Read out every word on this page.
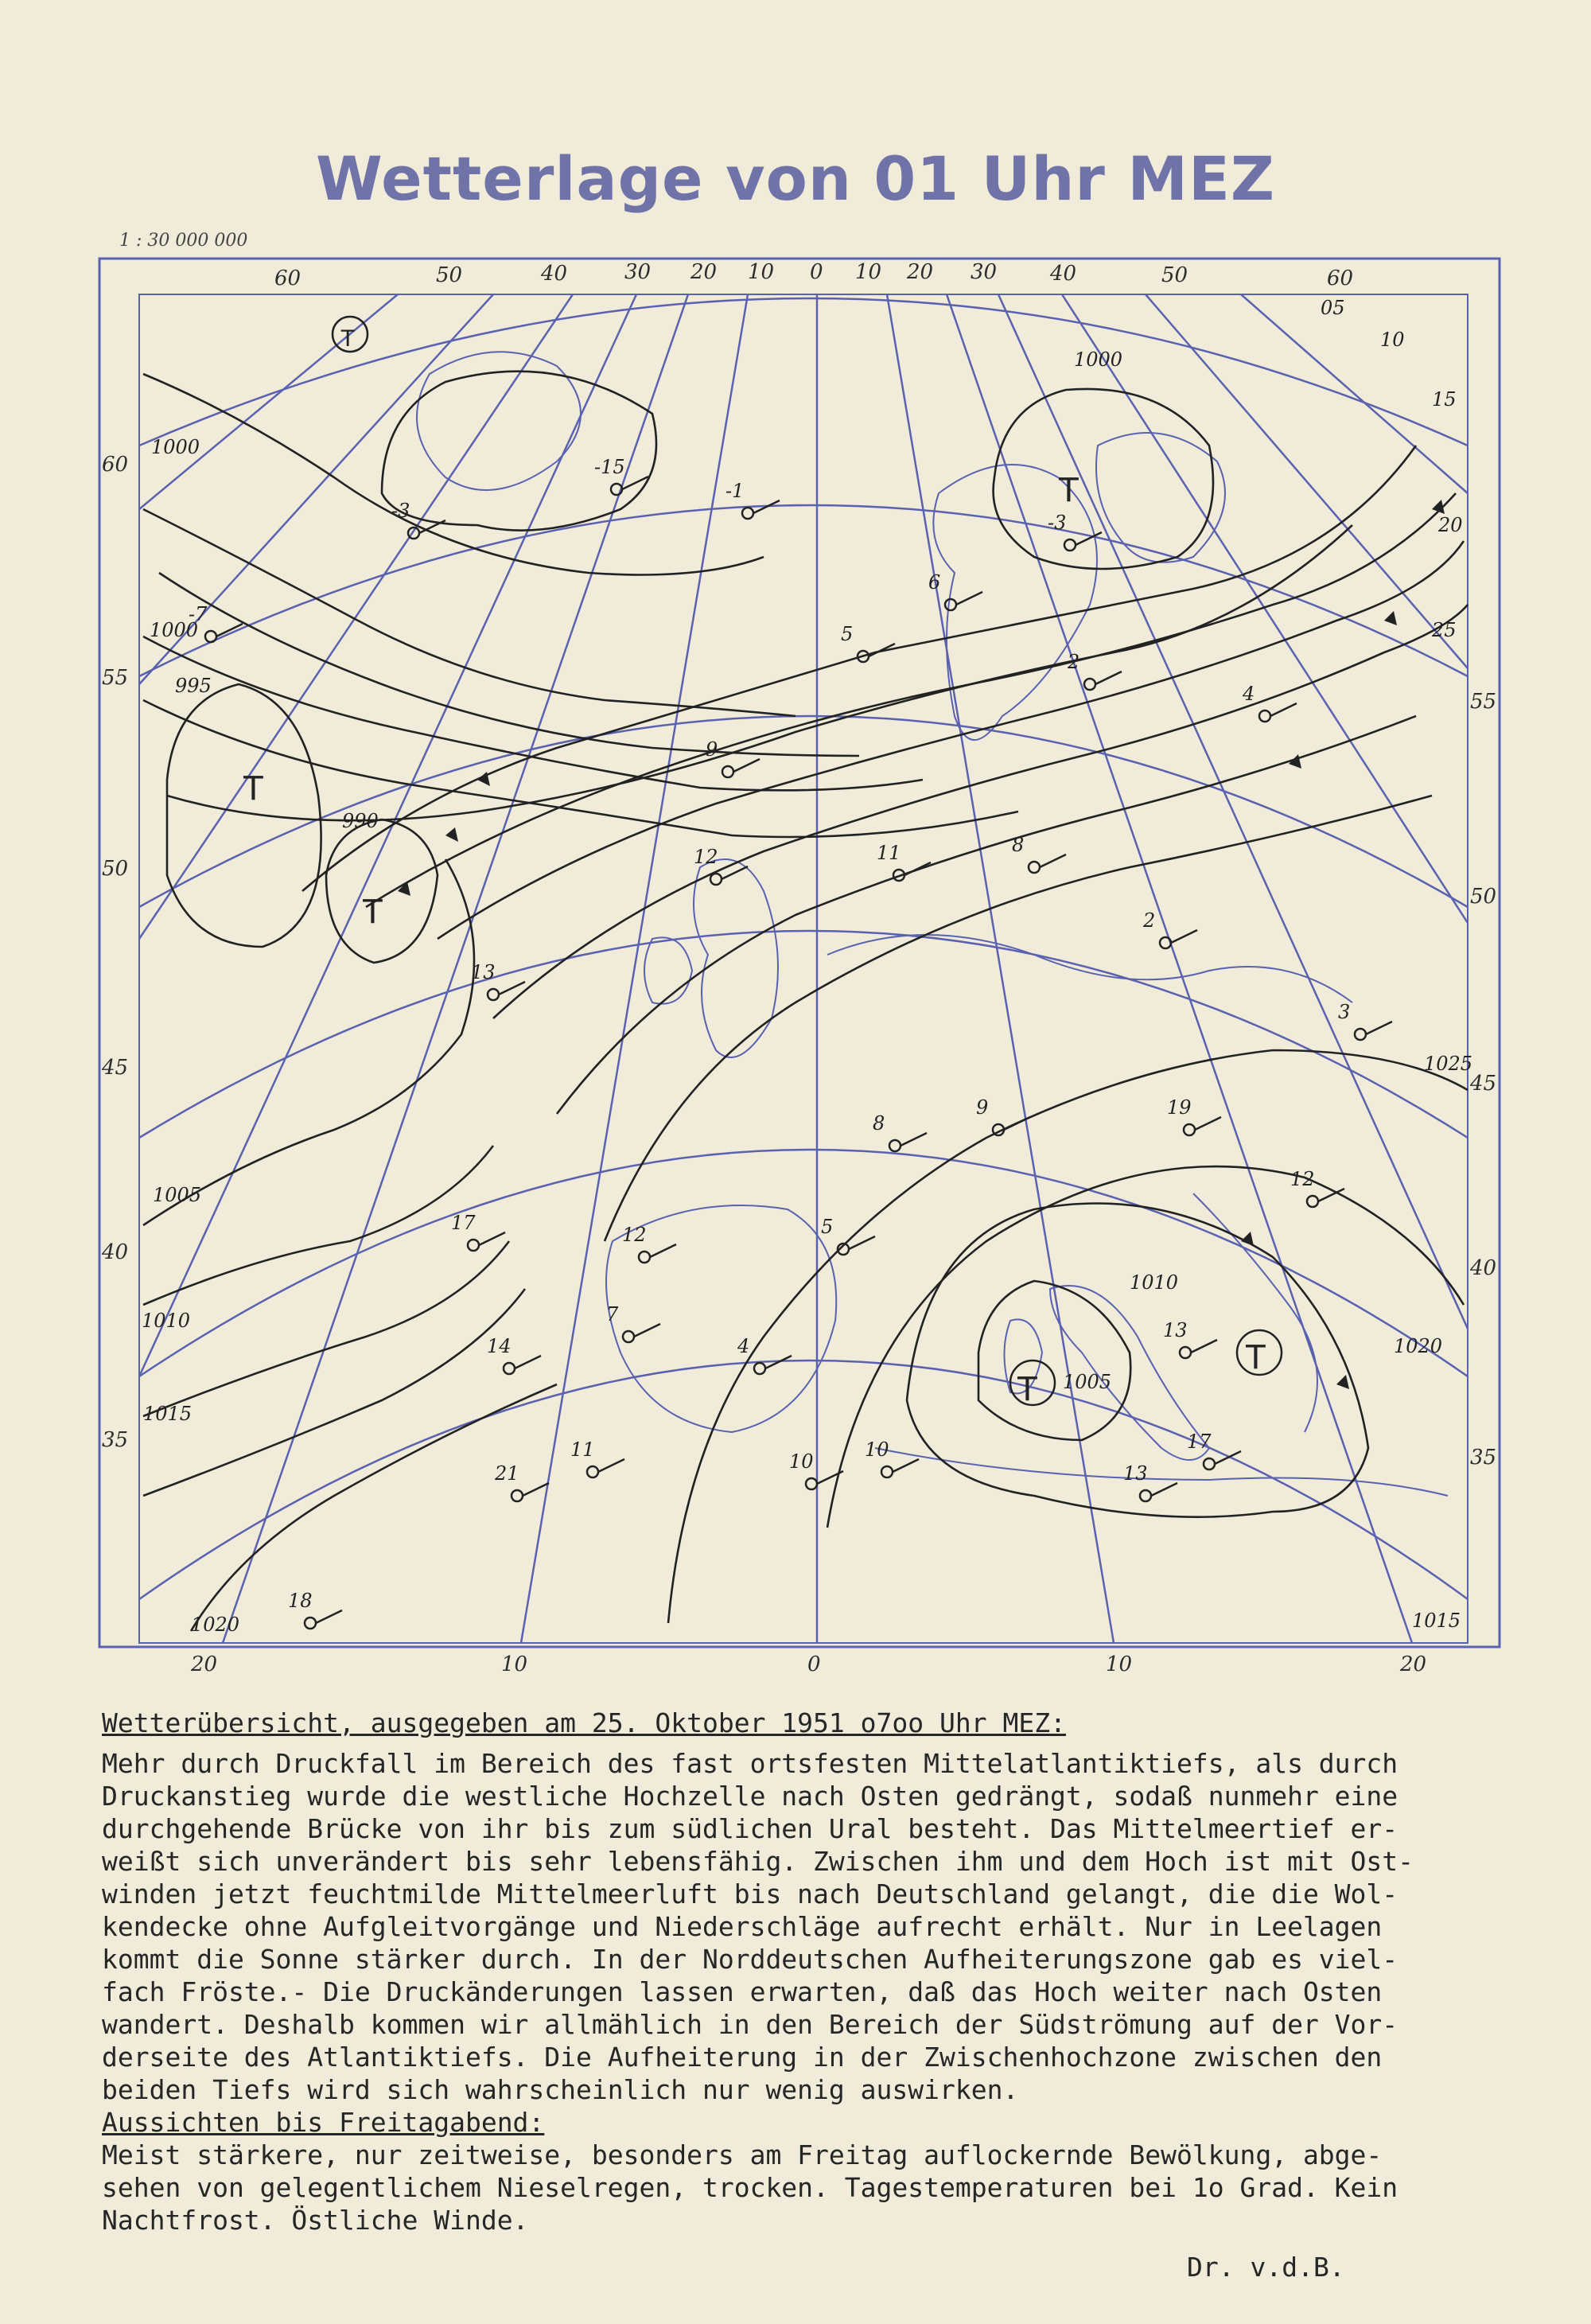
Wetterlage von 01 Uhr MEZ
1 : 30 000 000
T
T
T
T
T
T
60	50	40	30 20 10 0 10 20 30	40	50	60
20	10	0	10	20
60
55
50
45
40
35
55
50
45
40
35
1000
990
995
1000
1005
1010
1015
1020
1010
1005
1015
1020
1025
1000
05
10
15
20
25
-3
-15
-1
-3
6
5
2
4
9
12
13
11	8
2
3
9
8
12	5
14
7
4
21
11
10
10
13
17
13
19
12
18
17
-7

Wetterübersicht, ausgegeben am 25. Oktober 1951 o7oo Uhr MEZ:

Mehr durch Druckfall im Bereich des fast ortsfesten Mittelatlantiktiefs, als durch

Druckanstieg wurde die westliche Hochzelle nach Osten gedrängt, sodaß nunmehr eine

durchgehende Brücke von ihr bis zum südlichen Ural besteht. Das Mittelmeertief er-

weißt sich unverändert bis sehr lebensfähig. Zwischen ihm und dem Hoch ist mit Ost-

winden jetzt feuchtmilde Mittelmeerluft bis nach Deutschland gelangt, die die Wol-

kendecke ohne Aufgleitvorgänge und Niederschläge aufrecht erhält. Nur in Leelagen

kommt die Sonne stärker durch. In der Norddeutschen Aufheiterungszone gab es viel-

fach Fröste.- Die Druckänderungen lassen erwarten, daß das Hoch weiter nach Osten

wandert. Deshalb kommen wir allmählich in den Bereich der Südströmung auf der Vor-

derseite des Atlantiktiefs. Die Aufheiterung in der Zwischenhochzone zwischen den

beiden Tiefs wird sich wahrscheinlich nur wenig auswirken.

Aussichten bis Freitagabend:

Meist stärkere, nur zeitweise, besonders am Freitag auflockernde Bewölkung, abge-

sehen von gelegentlichem Nieselregen, trocken. Tagestemperaturen bei 1o Grad. Kein

Nachtfrost. Östliche Winde.

Dr. v.d.B.
